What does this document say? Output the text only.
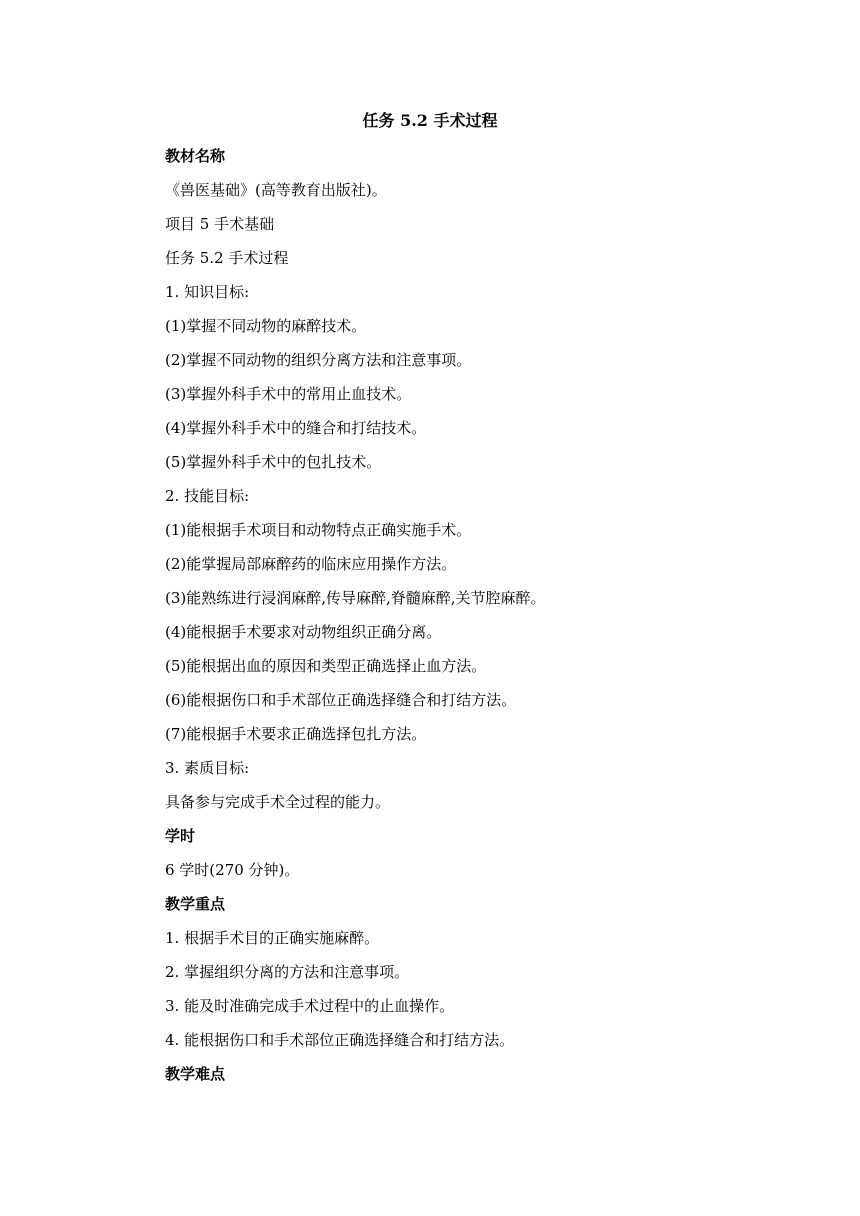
任务 5.2 手术过程
教材名称
《兽医基础》(高等教育出版社)。
项目 5 手术基础
任务 5.2 手术过程
1. 知识目标:
(1)掌握不同动物的麻醉技术。
(2)掌握不同动物的组织分离方法和注意事项。
(3)掌握外科手术中的常用止血技术。
(4)掌握外科手术中的缝合和打结技术。
(5)掌握外科手术中的包扎技术。
2. 技能目标:
(1)能根据手术项目和动物特点正确实施手术。
(2)能掌握局部麻醉药的临床应用操作方法。
(3)能熟练进行浸润麻醉,传导麻醉,脊髓麻醉,关节腔麻醉。
(4)能根据手术要求对动物组织正确分离。
(5)能根据出血的原因和类型正确选择止血方法。
(6)能根据伤口和手术部位正确选择缝合和打结方法。
(7)能根据手术要求正确选择包扎方法。
3. 素质目标:
具备参与完成手术全过程的能力。
学时
6 学时(270 分钟)。
教学重点
1. 根据手术目的正确实施麻醉。
2. 掌握组织分离的方法和注意事项。
3. 能及时准确完成手术过程中的止血操作。
4. 能根据伤口和手术部位正确选择缝合和打结方法。
教学难点
